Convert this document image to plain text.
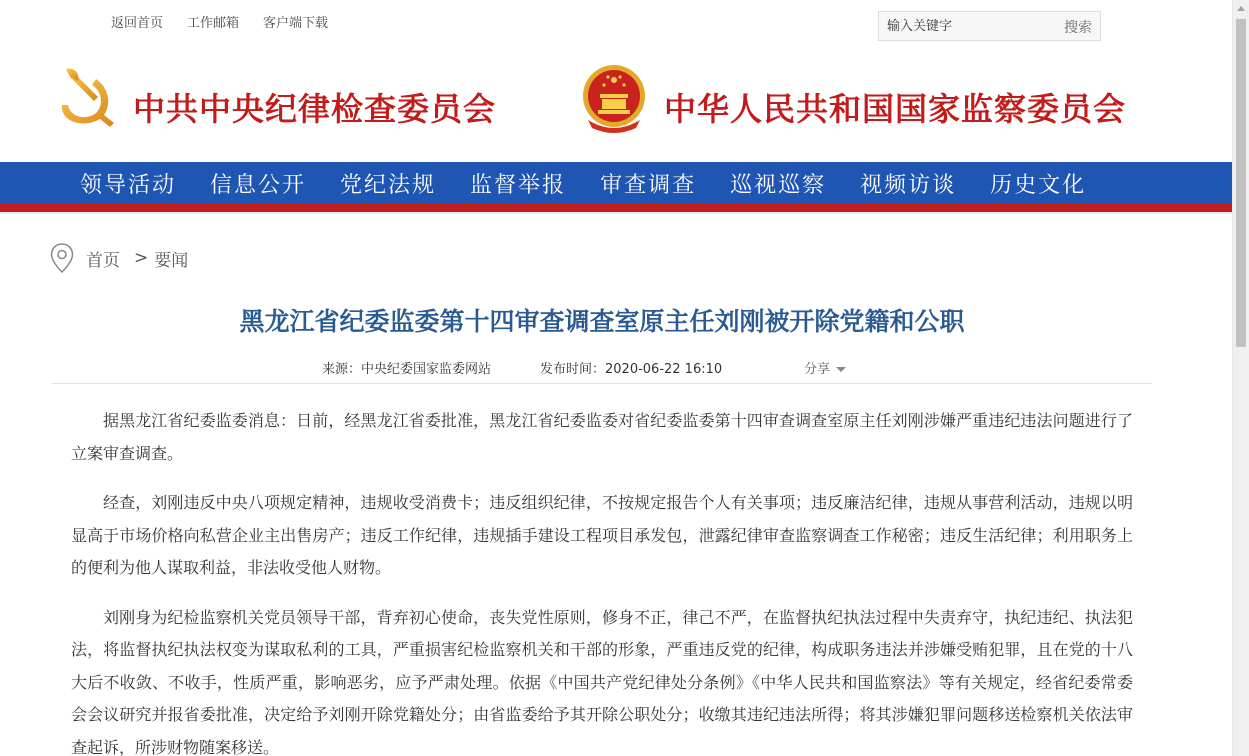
返回首页 工作邮箱 客户端下载
输入关键字	搜索
中共中央纪律检查委员会	中华人民共和国国家监察委员会
领导活动 信息公开 党纪法规 监督举报 审查调查 巡视巡察 视频访谈 历史文化
首页 > 要闻
黑龙江省纪委监委第十四审查调查室原主任刘刚被开除党籍和公职
来源：中央纪委国家监委网站	发布时间：2020-06-22 16:10	分享

据黑龙江省纪委监委消息：日前，经黑龙江省委批准，黑龙江省纪委监委对省纪委监委第十四审查调查室原主任刘刚涉嫌严重违纪违法问题进行了立案审查调查。

经查，刘刚违反中央八项规定精神，违规收受消费卡；违反组织纪律，不按规定报告个人有关事项；违反廉洁纪律，违规从事营利活动，违规以明显高于市场价格向私营企业主出售房产；违反工作纪律，违规插手建设工程项目承发包，泄露纪律审查监察调查工作秘密；违反生活纪律；利用职务上的便利为他人谋取利益，非法收受他人财物。

刘刚身为纪检监察机关党员领导干部，背弃初心使命，丧失党性原则，修身不正，律己不严，在监督执纪执法过程中失责弃守，执纪违纪、执法犯法，将监督执纪执法权变为谋取私利的工具，严重损害纪检监察机关和干部的形象，严重违反党的纪律，构成职务违法并涉嫌受贿犯罪，且在党的十八大后不收敛、不收手，性质严重，影响恶劣，应予严肃处理。依据《中国共产党纪律处分条例》《中华人民共和国监察法》等有关规定，经省纪委常委会会议研究并报省委批准，决定给予刘刚开除党籍处分；由省监委给予其开除公职处分；收缴其违纪违法所得；将其涉嫌犯罪问题移送检察机关依法审查起诉，所涉财物随案移送。
